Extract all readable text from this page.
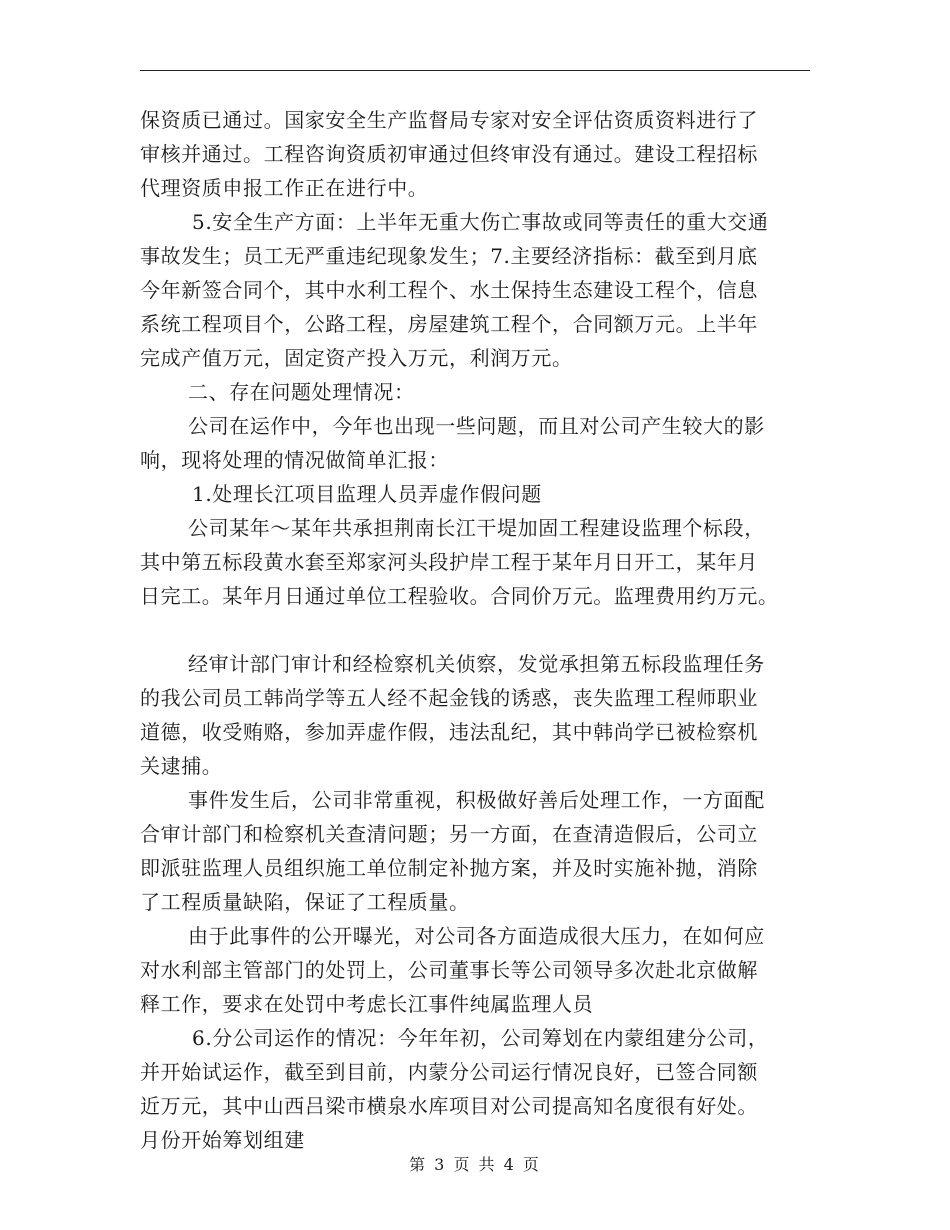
保资质已通过。国家安全生产监督局专家对安全评估资质资料进行了
审核并通过。工程咨询资质初审通过但终审没有通过。建设工程招标
代理资质申报工作正在进行中。
5.安全生产方面：上半年无重大伤亡事故或同等责任的重大交通
事故发生；员工无严重违纪现象发生；7.主要经济指标：截至到月底
今年新签合同个，其中水利工程个、水土保持生态建设工程个，信息
系统工程项目个，公路工程，房屋建筑工程个，合同额万元。上半年
完成产值万元，固定资产投入万元，利润万元。
二、存在问题处理情况：
公司在运作中，今年也出现一些问题，而且对公司产生较大的影
响，现将处理的情况做简单汇报：
1.处理长江项目监理人员弄虚作假问题
公司某年～某年共承担荆南长江干堤加固工程建设监理个标段，
其中第五标段黄水套至郑家河头段护岸工程于某年月日开工，某年月
日完工。某年月日通过单位工程验收。合同价万元。监理费用约万元。
经审计部门审计和经检察机关侦察，发觉承担第五标段监理任务
的我公司员工韩尚学等五人经不起金钱的诱惑，丧失监理工程师职业
道德，收受贿赂，参加弄虚作假，违法乱纪，其中韩尚学已被检察机
关逮捕。
事件发生后，公司非常重视，积极做好善后处理工作，一方面配
合审计部门和检察机关查清问题；另一方面，在查清造假后，公司立
即派驻监理人员组织施工单位制定补抛方案，并及时实施补抛，消除
了工程质量缺陷，保证了工程质量。
由于此事件的公开曝光，对公司各方面造成很大压力，在如何应
对水利部主管部门的处罚上，公司董事长等公司领导多次赴北京做解
释工作，要求在处罚中考虑长江事件纯属监理人员
6.分公司运作的情况：今年年初，公司筹划在内蒙组建分公司，
并开始试运作，截至到目前，内蒙分公司运行情况良好，已签合同额
近万元，其中山西吕梁市横泉水库项目对公司提高知名度很有好处。
月份开始筹划组建
第 3 页 共 4 页
